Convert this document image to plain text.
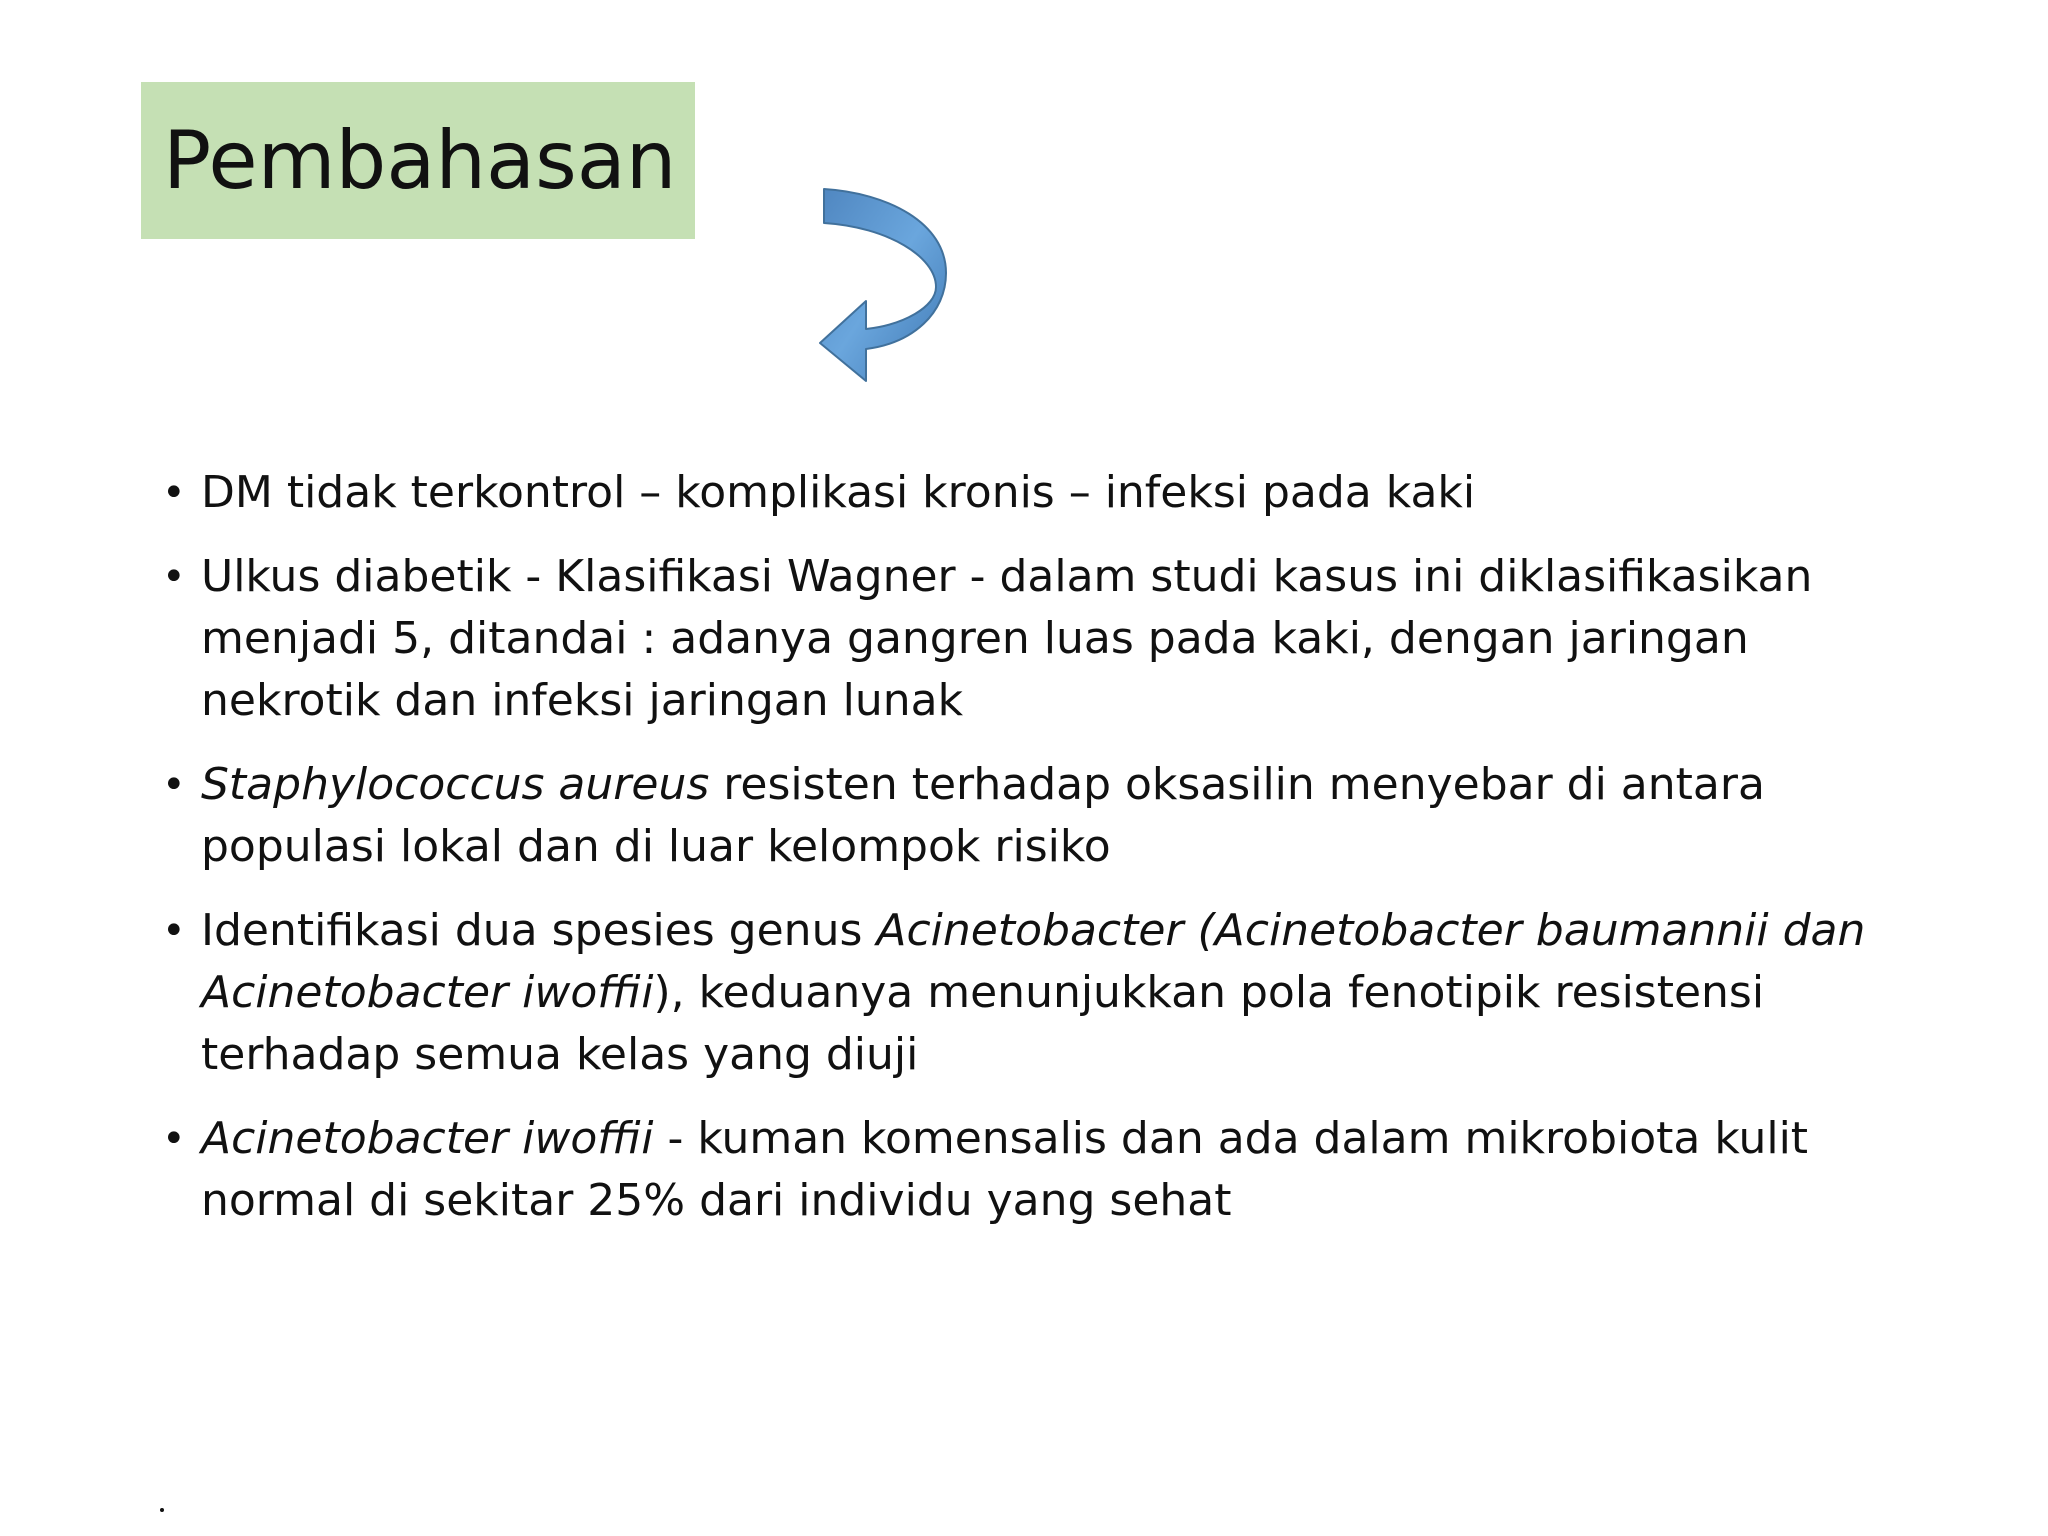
Pembahasan
• DM tidak terkontrol – komplikasi kronis – infeksi pada kaki
• Ulkus diabetik - Klasifikasi Wagner - dalam studi kasus ini diklasifikasikan menjadi 5, ditandai : adanya gangren luas pada kaki, dengan jaringan nekrotik dan infeksi jaringan lunak
• Staphylococcus aureus resisten terhadap oksasilin menyebar di antara populasi lokal dan di luar kelompok risiko
• Identifikasi dua spesies genus Acinetobacter (Acinetobacter baumannii dan Acinetobacter iwoffii), keduanya menunjukkan pola fenotipik resistensi terhadap semua kelas yang diuji
• Acinetobacter iwoffii - kuman komensalis dan ada dalam mikrobiota kulit normal di sekitar 25% dari individu yang sehat
